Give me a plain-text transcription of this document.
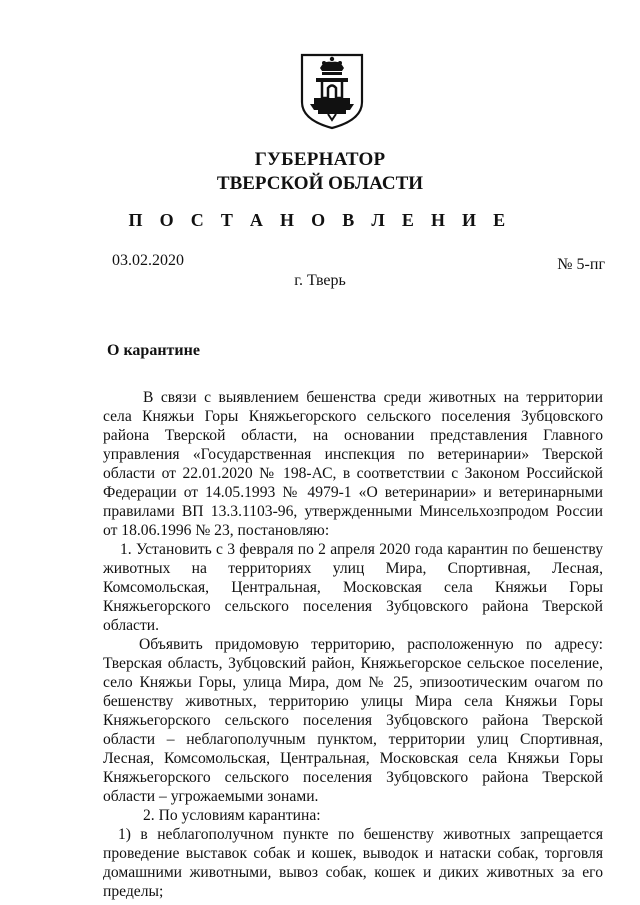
ГУБЕРНАТОР
ТВЕРСКОЙ ОБЛАСТИ
П О С Т А Н О В Л Е Н И Е
03.02.2020	№ 5-пг
г. Тверь
О карантине

В связи с выявлением бешенства среди животных на территории села Княжьи Горы Княжьегорского сельского поселения Зубцовского района Тверской области, на основании представления Главного управления «Государственная инспекция по ветеринарии» Тверской области от 22.01.2020 № 198-АС, в соответствии с Законом Российской Федерации от 14.05.1993 № 4979-1 «О ветеринарии» и ветеринарными правилами ВП 13.3.1103-96, утвержденными Минсельхозпродом России от 18.06.1996 № 23, постановляю:

1. Установить с 3 февраля по 2 апреля 2020 года карантин по бешенству животных на территориях улиц Мира, Спортивная, Лесная, Комсомольская, Центральная, Московская села Княжьи Горы Княжьегорского сельского поселения Зубцовского района Тверской области.

Объявить придомовую территорию, расположенную по адресу: Тверская область, Зубцовский район, Княжьегорское сельское поселение, село Княжьи Горы, улица Мира, дом № 25, эпизоотическим очагом по бешенству животных, территорию улицы Мира села Княжьи Горы Княжьегорского сельского поселения Зубцовского района Тверской области – неблагополучным пунктом, территории улиц Спортивная, Лесная, Комсомольская, Центральная, Московская села Княжьи Горы Княжьегорского сельского поселения Зубцовского района Тверской области – угрожаемыми зонами.

2. По условиям карантина:

1) в неблагополучном пункте по бешенству животных запрещается проведение выставок собак и кошек, выводок и натаски собак, торговля домашними животными, вывоз собак, кошек и диких животных за его пределы;
